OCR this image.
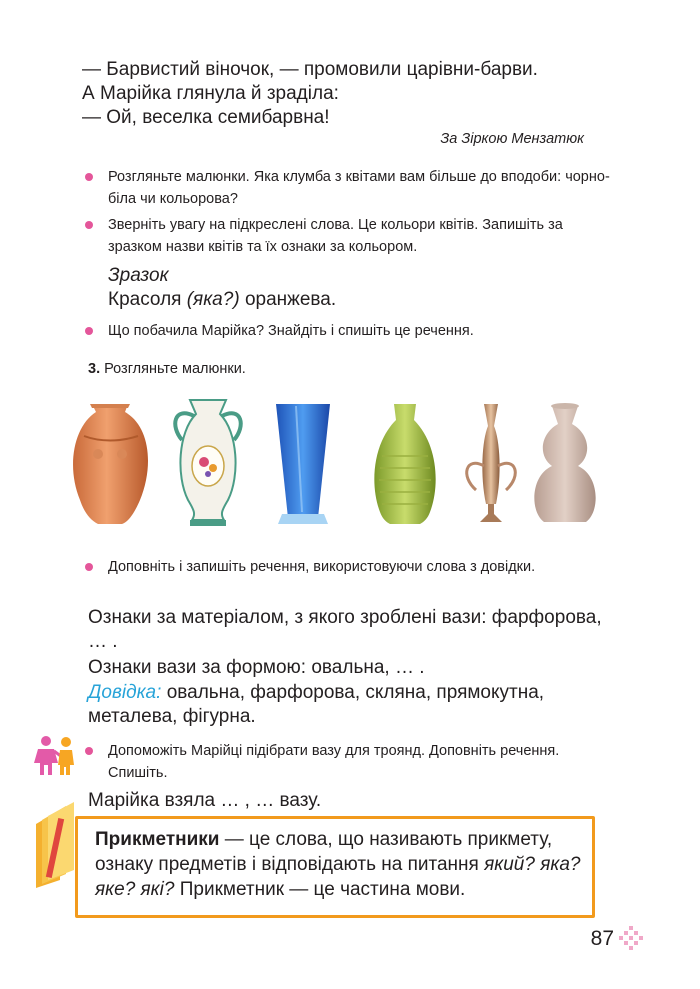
— Барвистий віночок, — промовили царівни-барви.
А Марійка глянула й зраділа:
— Ой, веселка семибарвна!
За Зіркою Мензатюк
Розгляньте малюнки. Яка клумба з квітами вам більше до вподоби: чорно-біла чи кольорова?
Зверніть увагу на підкреслені слова. Це кольори квітів. Запишіть за зразком назви квітів та їх ознаки за кольором.
Зразок
Красоля (яка?) оранжева.
Що побачила Марійка? Знайдіть і спишіть це речення.
3. Розгляньте малюнки.
Доповніть і запишіть речення, використовуючи слова з довідки.
Ознаки за матеріалом, з якого зроблені вази: фарфорова, … .
Ознаки вази за формою: овальна, … .
Довідка: овальна, фарфорова, скляна, прямокутна, металева, фігурна.
Допоможіть Марійці підібрати вазу для троянд. Доповніть речення. Спишіть.
Марійка взяла … , … вазу.
Прикметники — це слова, що називають прикмету, ознаку предметів і відповідають на питання який? яка? яке? які? Прикметник — це частина мови.
87
